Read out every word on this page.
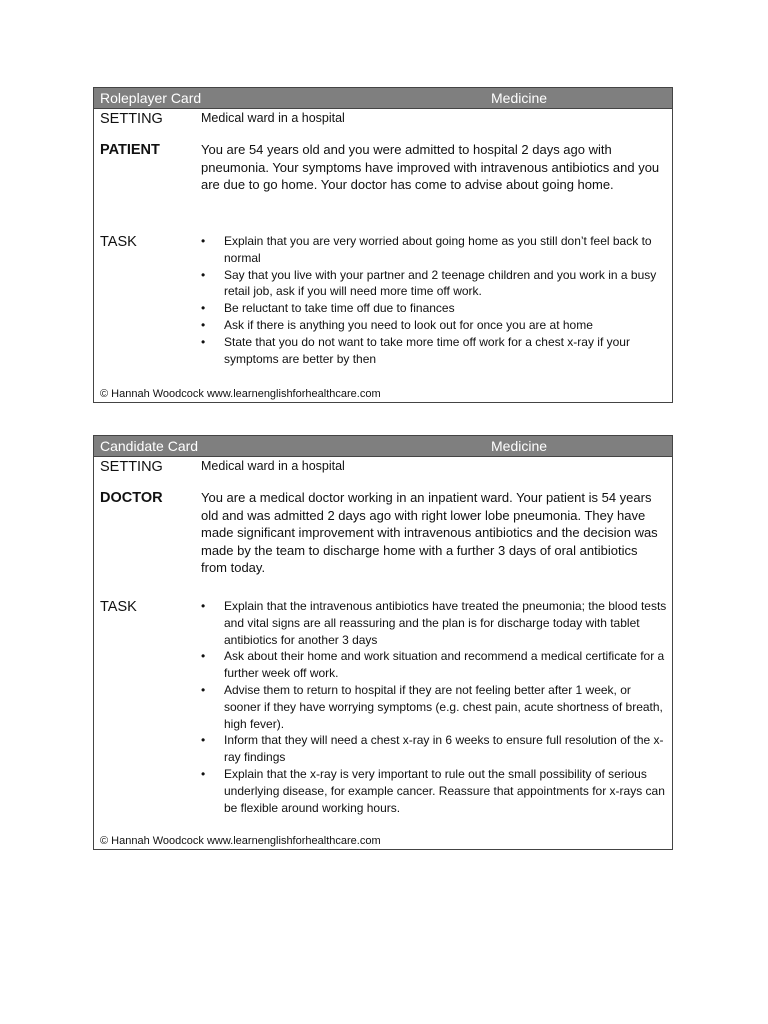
Roleplayer Card	Medicine
SETTING	Medical ward in a hospital
PATIENT	You are 54 years old and you were admitted to hospital 2 days ago with pneumonia. Your symptoms have improved with intravenous antibiotics and you are due to go home. Your doctor has come to advise about going home.
TASK	• Explain that you are very worried about going home as you still don’t feel back to normal
• Say that you live with your partner and 2 teenage children and you work in a busy retail job, ask if you will need more time off work.
• Be reluctant to take time off due to finances
• Ask if there is anything you need to look out for once you are at home
• State that you do not want to take more time off work for a chest x-ray if your symptoms are better by then
© Hannah Woodcock www.learnenglishforhealthcare.com
Candidate Card	Medicine
SETTING	Medical ward in a hospital
DOCTOR	You are a medical doctor working in an inpatient ward. Your patient is 54 years old and was admitted 2 days ago with right lower lobe pneumonia. They have made significant improvement with intravenous antibiotics and the decision was made by the team to discharge home with a further 3 days of oral antibiotics from today.
TASK	• Explain that the intravenous antibiotics have treated the pneumonia; the blood tests and vital signs are all reassuring and the plan is for discharge today with tablet antibiotics for another 3 days
• Ask about their home and work situation and recommend a medical certificate for a further week off work.
• Advise them to return to hospital if they are not feeling better after 1 week, or sooner if they have worrying symptoms (e.g. chest pain, acute shortness of breath, high fever).
• Inform that they will need a chest x-ray in 6 weeks to ensure full resolution of the x-ray findings
• Explain that the x-ray is very important to rule out the small possibility of serious underlying disease, for example cancer. Reassure that appointments for x-rays can be flexible around working hours.
© Hannah Woodcock www.learnenglishforhealthcare.com
